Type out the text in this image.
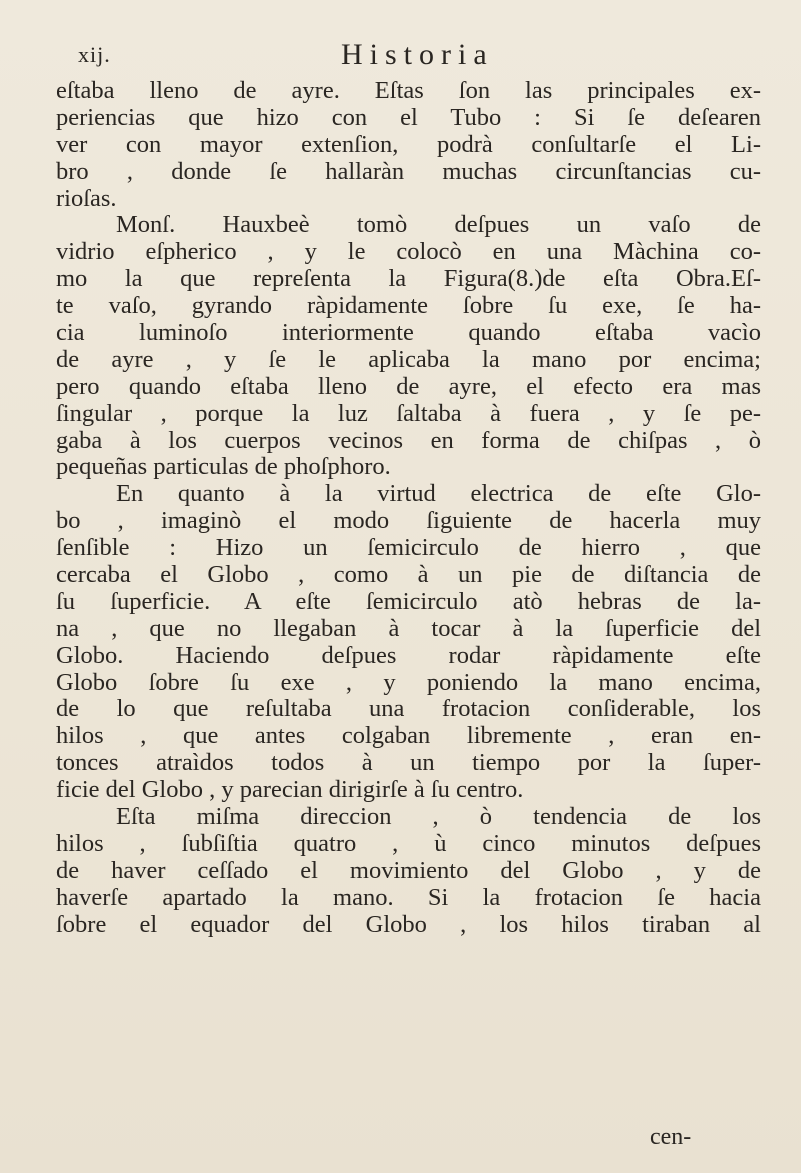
xij.	Historia
eſtaba lleno de ayre. Eſtas ſon las principales ex-
periencias que hizo con el Tubo : Si ſe deſearen
ver con mayor extenſion, podrà conſultarſe el Li-
bro , donde ſe hallaràn muchas circunſtancias cu-
rioſas.
Monſ. Hauxbeè tomò deſpues un vaſo de
vidrio eſpherico , y le colocò en una Màchina co-
mo la que repreſenta la Figura(8.)de eſta Obra.Eſ-
te vaſo, gyrando ràpidamente ſobre ſu exe, ſe ha-
cia luminoſo interiormente quando eſtaba vacìo
de ayre , y ſe le aplicaba la mano por encima;
pero quando eſtaba lleno de ayre, el efecto era mas
ſingular , porque la luz ſaltaba à fuera , y ſe pe-
gaba à los cuerpos vecinos en forma de chiſpas , ò
pequeñas particulas de phoſphoro.
En quanto à la virtud electrica de eſte Glo-
bo , imaginò el modo ſiguiente de hacerla muy
ſenſible : Hizo un ſemicirculo de hierro , que
cercaba el Globo , como à un pie de diſtancia de
ſu ſuperficie. A eſte ſemicirculo atò hebras de la-
na , que no llegaban à tocar à la ſuperficie del
Globo. Haciendo deſpues rodar ràpidamente eſte
Globo ſobre ſu exe , y poniendo la mano encima,
de lo que reſultaba una frotacion conſiderable, los
hilos , que antes colgaban libremente , eran en-
tonces atraìdos todos à un tiempo por la ſuper-
ficie del Globo , y parecian dirigirſe à ſu centro.
Eſta miſma direccion , ò tendencia de los
hilos , ſubſiſtia quatro , ù cinco minutos deſpues
de haver ceſſado el movimiento del Globo , y de
haverſe apartado la mano. Si la frotacion ſe hacia
ſobre el equador del Globo , los hilos tiraban al
cen-
